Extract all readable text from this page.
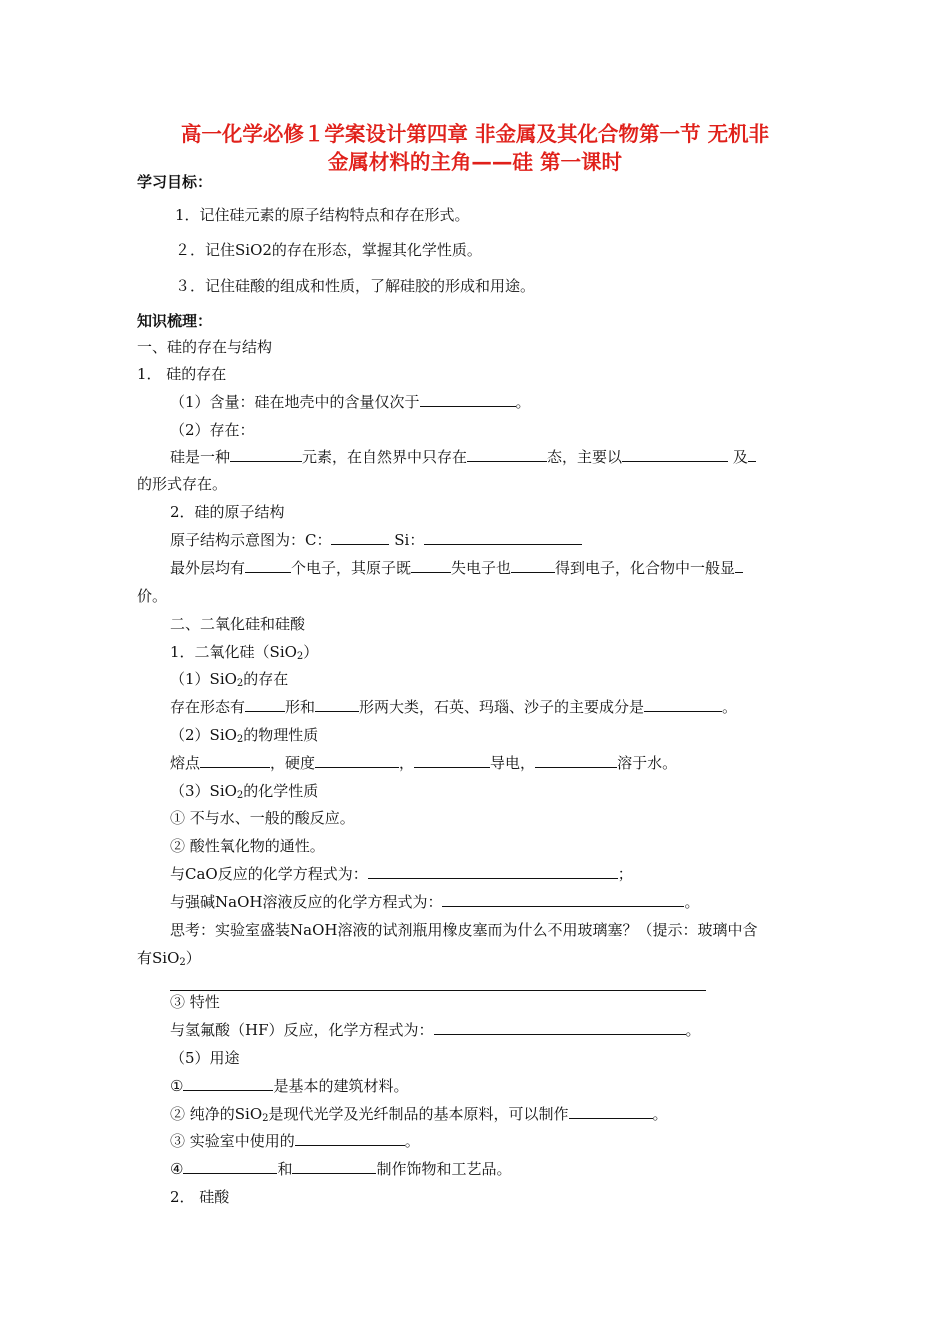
高一化学必修１学案设计第四章 非金属及其化合物第一节 无机非
金属材料的主角——硅 第一课时
学习目标：
1．记住硅元素的原子结构特点和存在形式。
２．记住SiO2的存在形态，掌握其化学性质。
３．记住硅酸的组成和性质，了解硅胶的形成和用途。
知识梳理：
一、硅的存在与结构
1． 硅的存在
（1）含量：硅在地壳中的含量仅次于	。
（2）存在：
硅是一种	元素，在自然界中只存在	态，主要以	及
的形式存在。
2．硅的原子结构
原子结构示意图为：C：	Si：
最外层均有	个电子，其原子既	失电子也	得到电子，化合物中一般显
价。
二、二氧化硅和硅酸
1．二氧化硅（SiO$_2$）
（1）SiO$_2$的存在
存在形态有	形和	形两大类，石英、玛瑙、沙子的主要成分是	。
（2）SiO$_2$的物理性质
熔点	，硬度	，	导电，	溶于水。
（3）SiO$_2$的化学性质
① 不与水、一般的酸反应。
② 酸性氧化物的通性。
与CaO反应的化学方程式为：	；
与强碱NaOH溶液反应的化学方程式为：	。
思考：实验室盛装NaOH溶液的试剂瓶用橡皮塞而为什么不用玻璃塞？（提示：玻璃中含
有SiO$_2$）
③ 特性
与氢氟酸（HF）反应，化学方程式为：	。
（5）用途
①	是基本的建筑材料。
② 纯净的SiO$_2$是现代光学及光纤制品的基本原料，可以制作	。
③ 实验室中使用的	。
④	和	制作饰物和工艺品。
2． 硅酸
